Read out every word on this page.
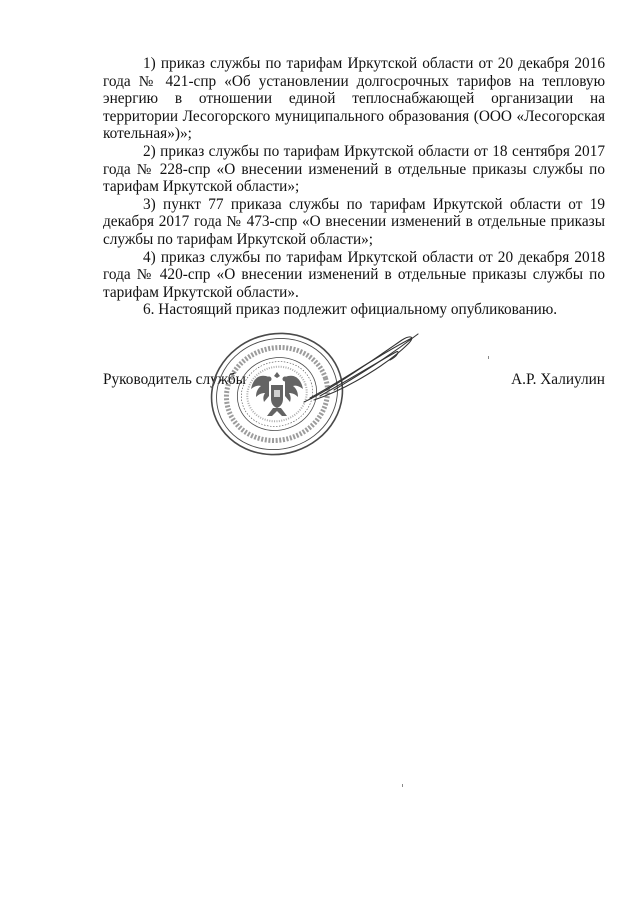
1) приказ службы по тарифам Иркутской области от 20 декабря 2016 года № 421-спр «Об установлении долгосрочных тарифов на тепловую энергию в отношении единой теплоснабжающей организации на территории Лесогорского муниципального образования (ООО «Лесогорская котельная»)»;

2) приказ службы по тарифам Иркутской области от 18 сентября 2017 года № 228-спр «О внесении изменений в отдельные приказы службы по тарифам Иркутской области»;

3) пункт 77 приказа службы по тарифам Иркутской области от 19 декабря 2017 года № 473-спр «О внесении изменений в отдельные приказы службы по тарифам Иркутской области»;

4) приказ службы по тарифам Иркутской области от 20 декабря 2018 года № 420-спр «О внесении изменений в отдельные приказы службы по тарифам Иркутской области».

6. Настоящий приказ подлежит официальному опубликованию.

Руководитель службы	А.Р. Халиулин
